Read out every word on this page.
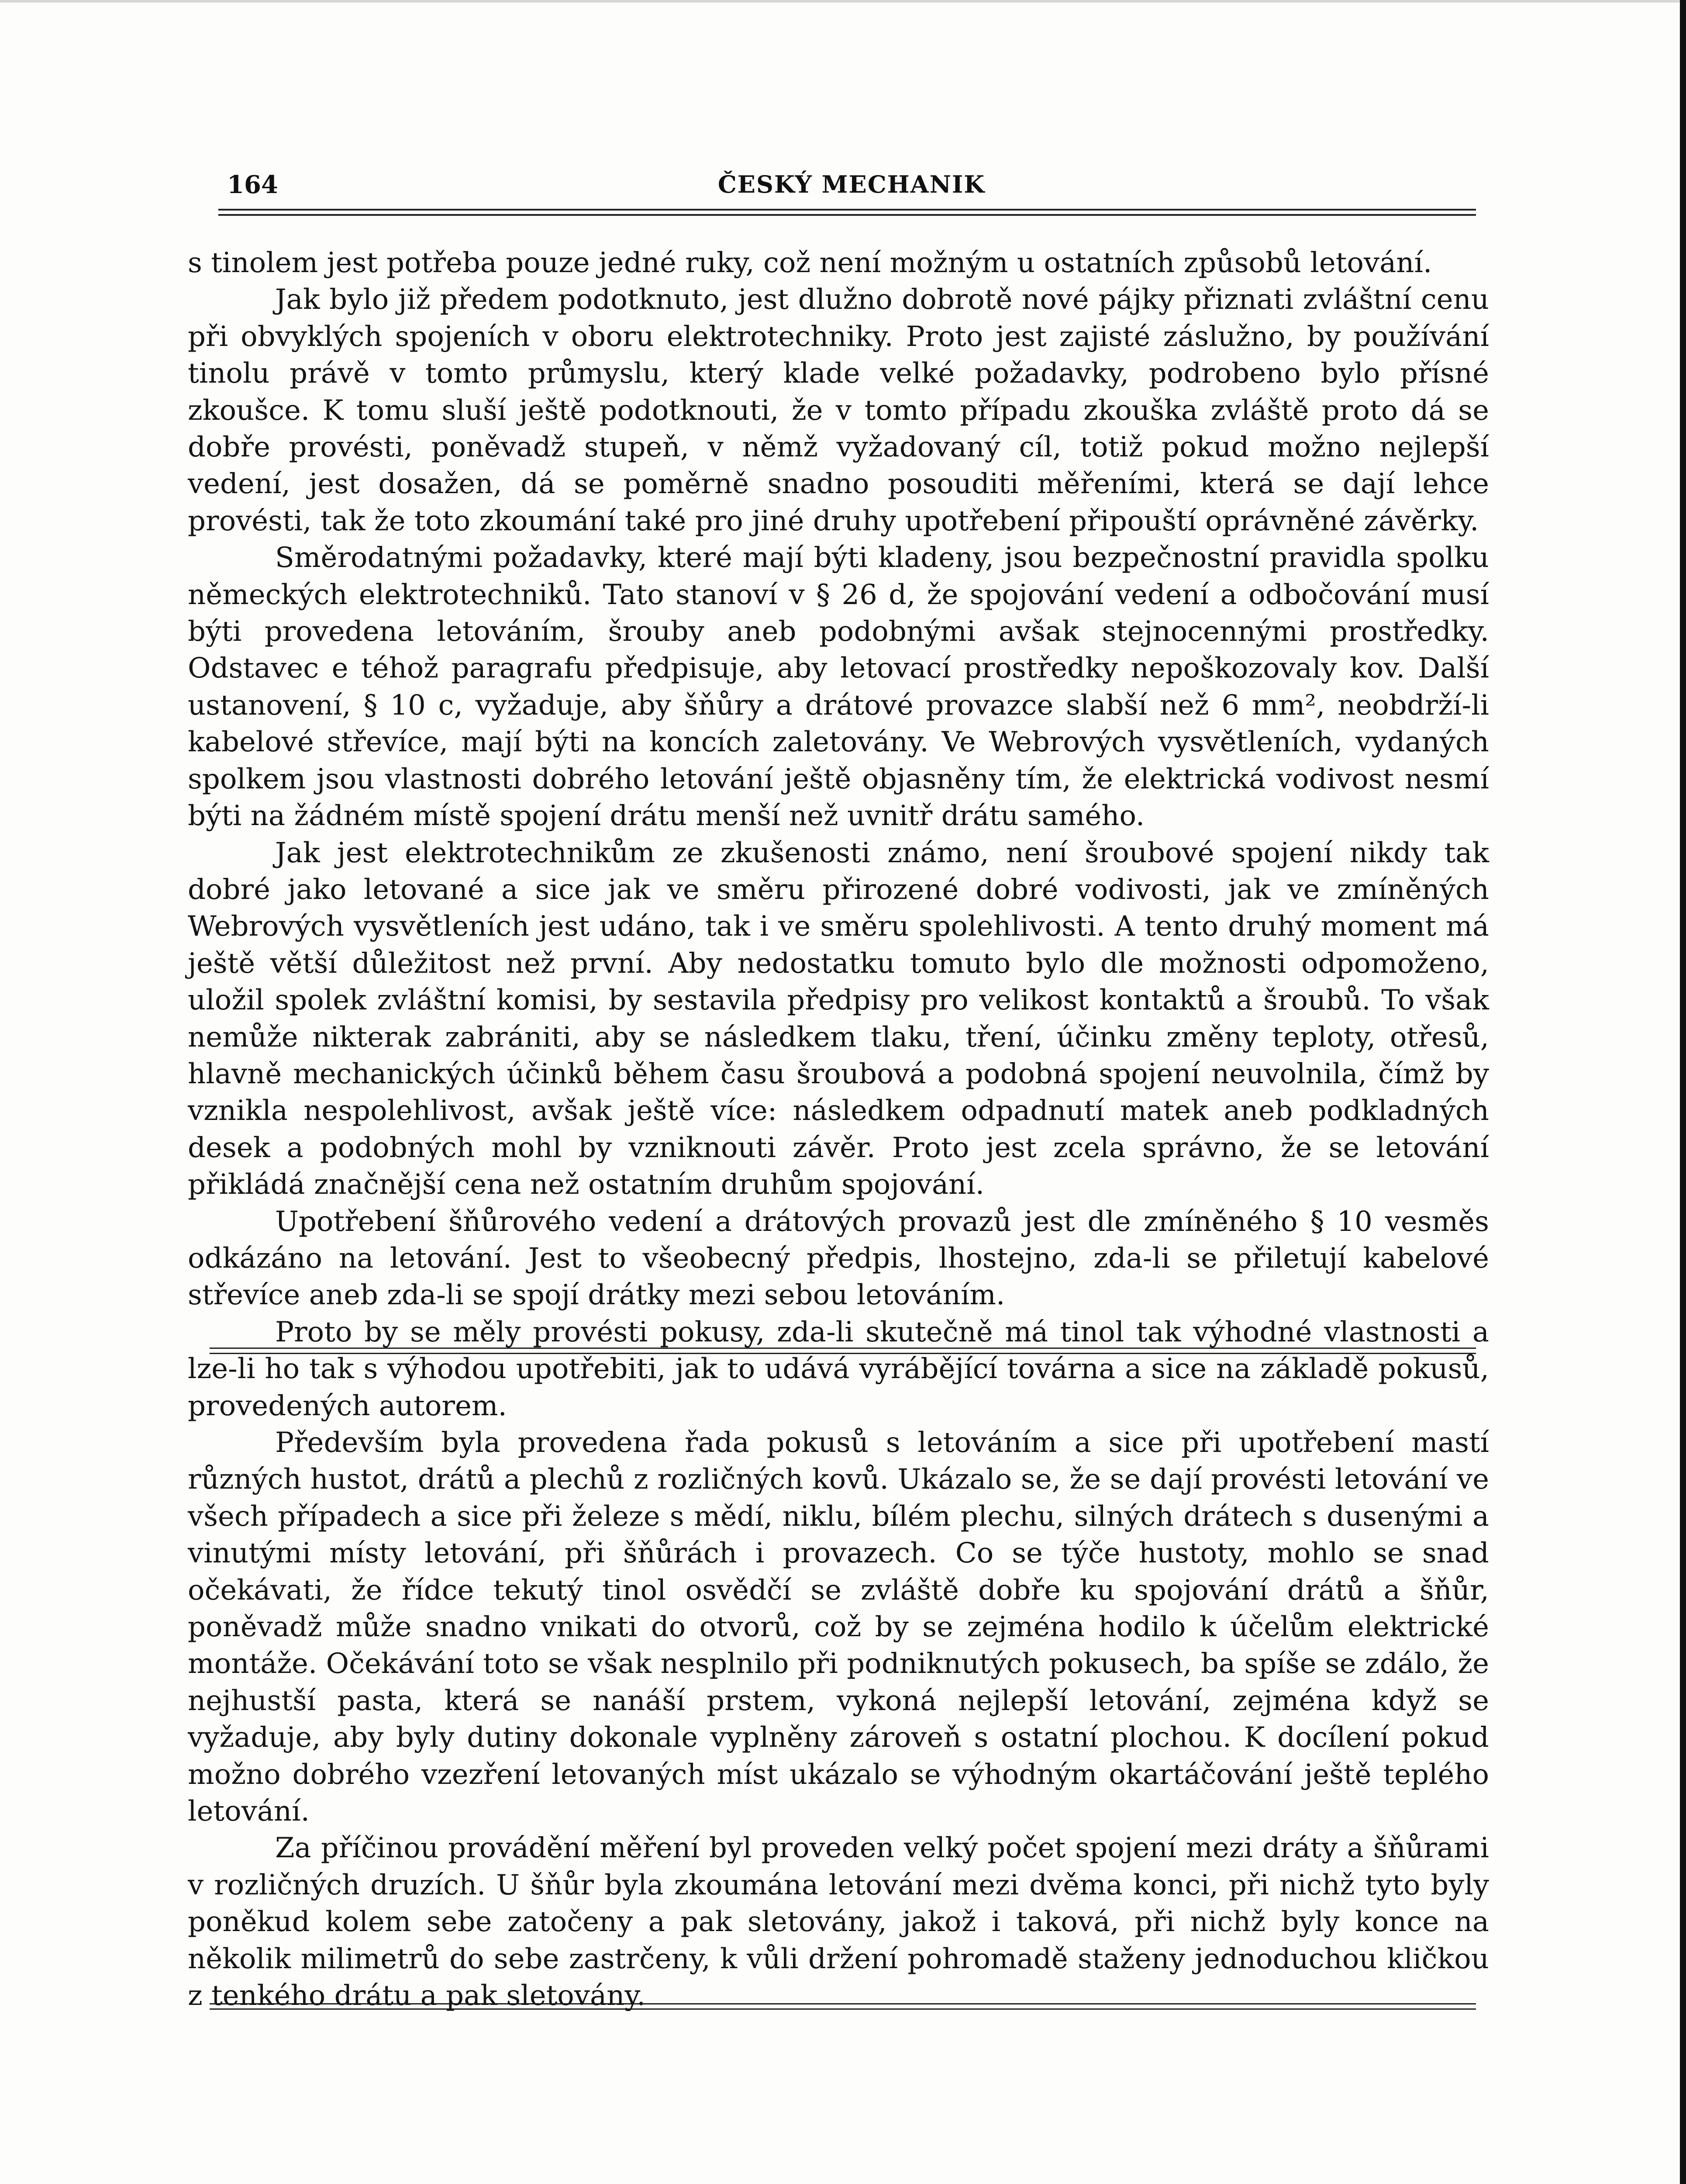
164	ČESKÝ MECHANIK

s tinolem jest potřeba pouze jedné ruky, což není možným u ostatních způsobů letování.

Jak bylo již předem podotknuto, jest dlužno dobrotě nové pájky přiznati zvláštní cenu při obvyklých spojeních v oboru elektrotechniky. Proto jest zajisté záslužno, by používání tinolu právě v tomto průmyslu, který klade velké požadavky, podrobeno bylo přísné zkoušce. K tomu sluší ještě podotknouti, že v tomto případu zkouška zvláště proto dá se dobře provésti, poněvadž stupeň, v němž vyžadovaný cíl, totiž pokud možno nejlepší vedení, jest dosažen, dá se poměrně snadno posouditi měřeními, která se dají lehce provésti, tak že toto zkoumání také pro jiné druhy upotřebení připouští oprávněné závěrky.

Směrodatnými požadavky, které mají býti kladeny, jsou bezpečnostní pravidla spolku německých elektrotechniků. Tato stanoví v § 26 d, že spojování vedení a odbočování musí býti provedena letováním, šrouby aneb podobnými avšak stejnocennými prostředky. Odstavec e téhož paragrafu předpisuje, aby letovací prostředky nepoškozovaly kov. Další ustanovení, § 10 c, vyžaduje, aby šňůry a drátové provazce slabší než 6 mm², neobdrží-li kabelové střevíce, mají býti na koncích zaletovány. Ve Webrových vysvětleních, vydaných spolkem jsou vlastnosti dobrého letování ještě objasněny tím, že elektrická vodivost nesmí býti na žádném místě spojení drátu menší než uvnitř drátu samého.

Jak jest elektrotechnikům ze zkušenosti známo, není šroubové spojení nikdy tak dobré jako letované a sice jak ve směru přirozené dobré vodivosti, jak ve zmíněných Webrových vysvětleních jest udáno, tak i ve směru spolehlivosti. A tento druhý moment má ještě větší důležitost než první. Aby nedostatku tomuto bylo dle možnosti odpomoženo, uložil spolek zvláštní komisi, by sestavila předpisy pro velikost kontaktů a šroubů. To však nemůže nikterak zabrániti, aby se následkem tlaku, tření, účinku změny teploty, otřesů, hlavně mechanických účinků během času šroubová a podobná spojení neuvolnila, čímž by vznikla nespolehlivost, avšak ještě více: následkem odpadnutí matek aneb podkladných desek a podobných mohl by vzniknouti závěr. Proto jest zcela správno, že se letování přikládá značnější cena než ostatním druhům spojování.

Upotřebení šňůrového vedení a drátových provazů jest dle zmíněného § 10 vesměs odkázáno na letování. Jest to všeobecný předpis, lhostejno, zda-li se přiletují kabelové střevíce aneb zda-li se spojí drátky mezi sebou letováním.

Proto by se měly provésti pokusy, zda-li skutečně má tinol tak výhodné vlastnosti a lze-li ho tak s výhodou upotřebiti, jak to udává vyrábějící továrna a sice na základě pokusů, provedených autorem.

Především byla provedena řada pokusů s letováním a sice při upotřebení mastí různých hustot, drátů a plechů z rozličných kovů. Ukázalo se, že se dají provésti letování ve všech případech a sice při železe s mědí, niklu, bílém plechu, silných drátech s dusenými a vinutými místy letování, při šňůrách i provazech. Co se týče hustoty, mohlo se snad očekávati, že řídce tekutý tinol osvědčí se zvláště dobře ku spojování drátů a šňůr, poněvadž může snadno vnikati do otvorů, což by se zejména hodilo k účelům elektrické montáže. Očekávání toto se však nesplnilo při podniknutých pokusech, ba spíše se zdálo, že nejhustší pasta, která se nanáší prstem, vykoná nejlepší letování, zejména když se vyžaduje, aby byly dutiny dokonale vyplněny zároveň s ostatní plochou. K docílení pokud možno dobrého vzezření letovaných míst ukázalo se výhodným okartáčování ještě teplého letování.

Za příčinou provádění měření byl proveden velký počet spojení mezi dráty a šňůrami v rozličných druzích. U šňůr byla zkoumána letování mezi dvěma konci, při nichž tyto byly poněkud kolem sebe zatočeny a pak sletovány, jakož i taková, při nichž byly konce na několik milimetrů do sebe zastrčeny, k vůli držení pohromadě staženy jednoduchou kličkou z tenkého drátu a pak sletovány.
